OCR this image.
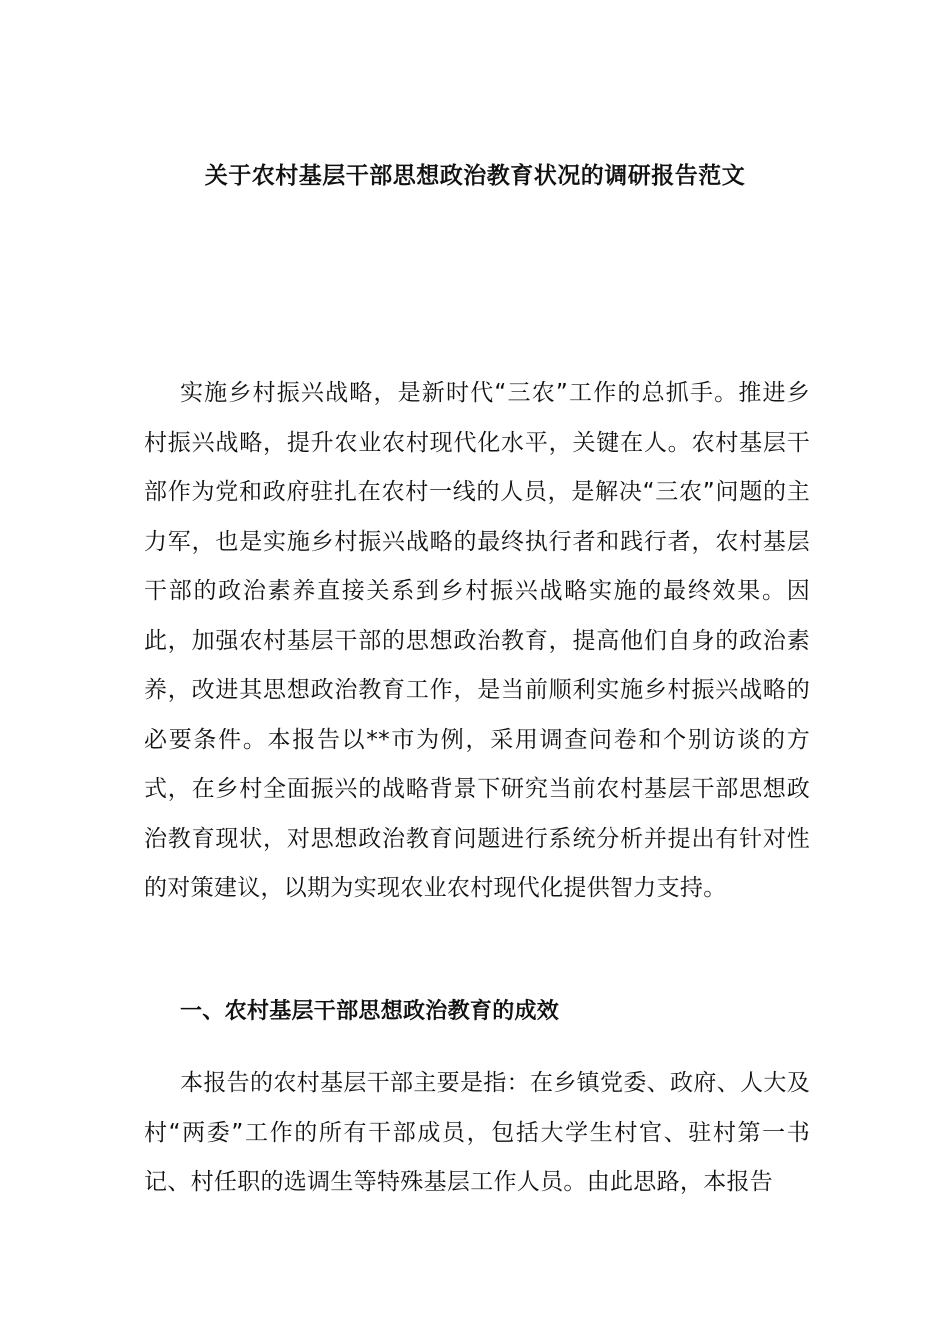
关于农村基层干部思想政治教育状况的调研报告范文

实施乡村振兴战略，是新时代“三农”工作的总抓手。推进乡村振兴战略，提升农业农村现代化水平，关键在人。农村基层干部作为党和政府驻扎在农村一线的人员，是解决“三农”问题的主力军，也是实施乡村振兴战略的最终执行者和践行者，农村基层干部的政治素养直接关系到乡村振兴战略实施的最终效果。因此，加强农村基层干部的思想政治教育，提高他们自身的政治素养，改进其思想政治教育工作，是当前顺利实施乡村振兴战略的必要条件。本报告以**市为例，采用调查问卷和个别访谈的方式，在乡村全面振兴的战略背景下研究当前农村基层干部思想政治教育现状，对思想政治教育问题进行系统分析并提出有针对性的对策建议，以期为实现农业农村现代化提供智力支持。

一、农村基层干部思想政治教育的成效

本报告的农村基层干部主要是指：在乡镇党委、政府、人大及村“两委”工作的所有干部成员，包括大学生村官、驻村第一书记、村任职的选调生等特殊基层工作人员。由此思路，本报告
